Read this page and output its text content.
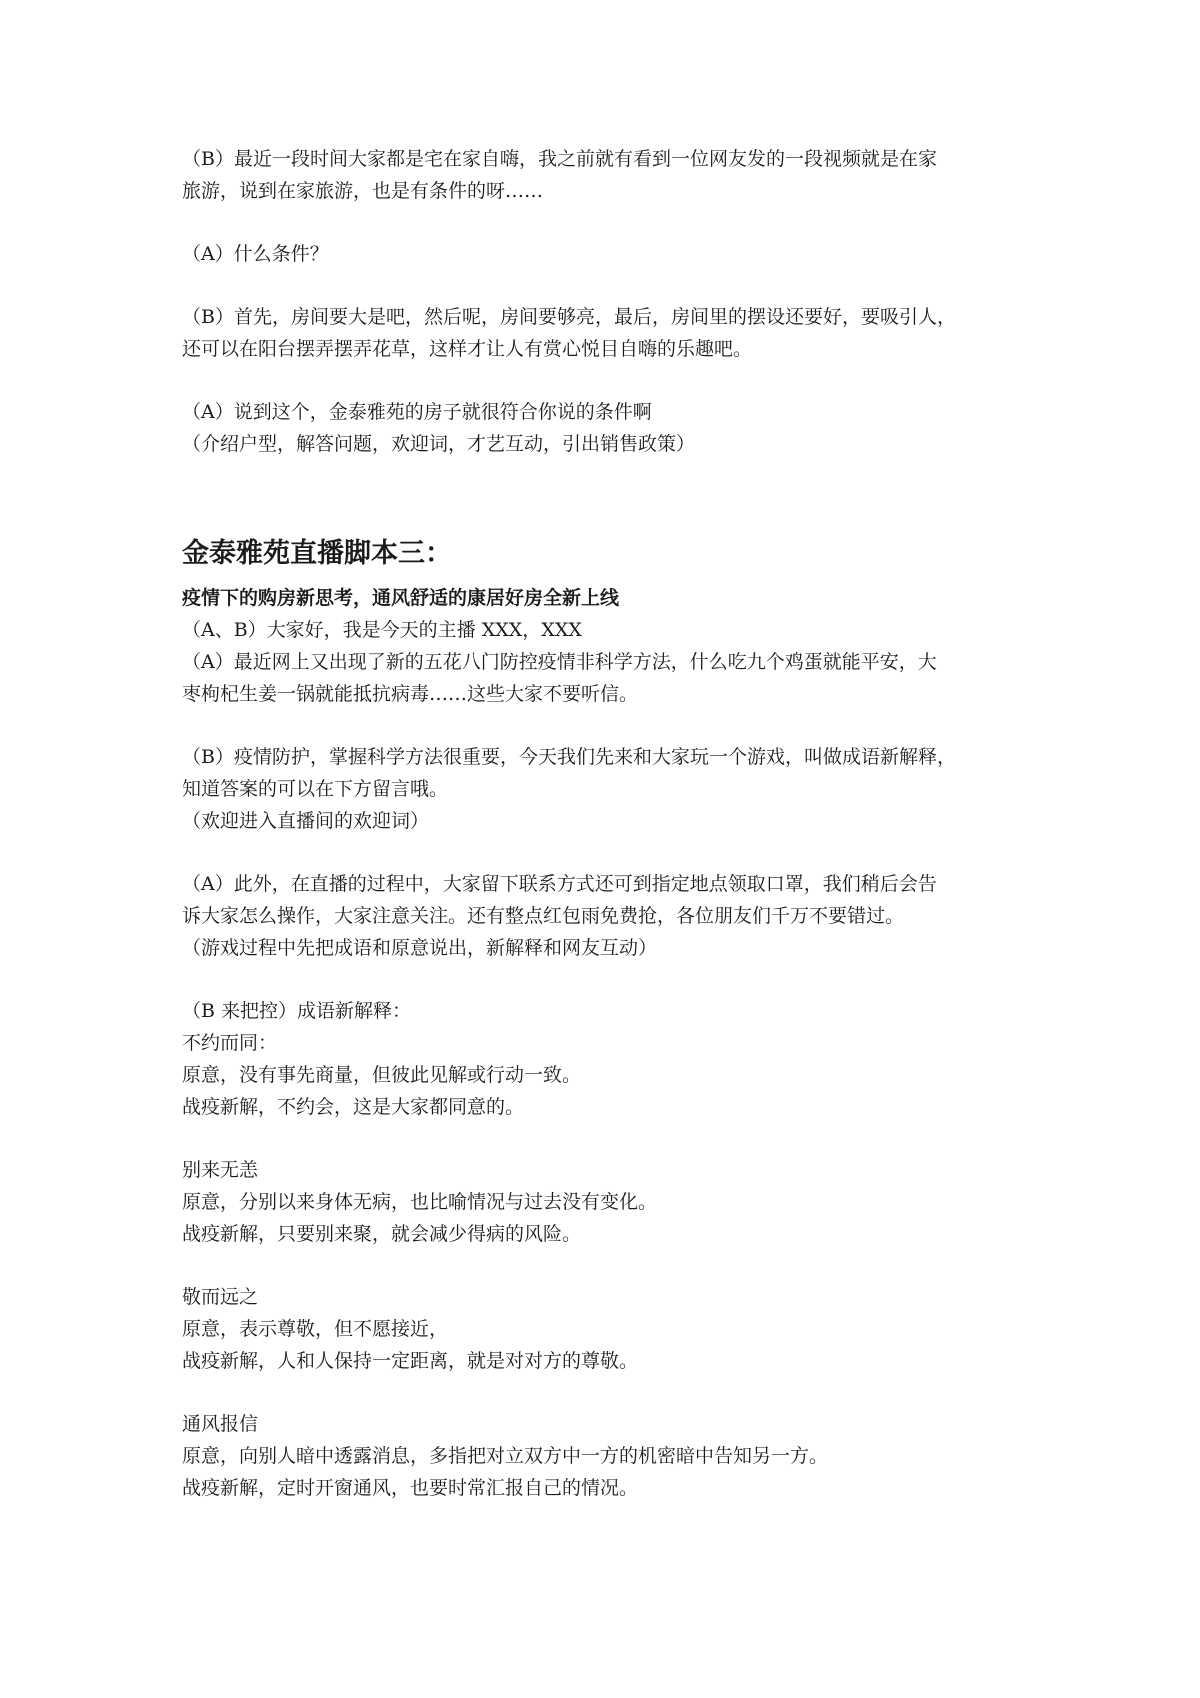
（B）最近一段时间大家都是宅在家自嗨，我之前就有看到一位网友发的一段视频就是在家

旅游，说到在家旅游，也是有条件的呀……

（A）什么条件？

（B）首先，房间要大是吧，然后呢，房间要够亮，最后，房间里的摆设还要好，要吸引人，

还可以在阳台摆弄摆弄花草，这样才让人有赏心悦目自嗨的乐趣吧。

（A）说到这个，金泰雅苑的房子就很符合你说的条件啊

（介绍户型，解答问题，欢迎词，才艺互动，引出销售政策）

金泰雅苑直播脚本三：

疫情下的购房新思考，通风舒适的康居好房全新上线

（A、B）大家好，我是今天的主播 XXX，XXX

（A）最近网上又出现了新的五花八门防控疫情非科学方法，什么吃九个鸡蛋就能平安，大

枣枸杞生姜一锅就能抵抗病毒……这些大家不要听信。

（B）疫情防护，掌握科学方法很重要，今天我们先来和大家玩一个游戏，叫做成语新解释，

知道答案的可以在下方留言哦。

（欢迎进入直播间的欢迎词）

（A）此外，在直播的过程中，大家留下联系方式还可到指定地点领取口罩，我们稍后会告

诉大家怎么操作，大家注意关注。还有整点红包雨免费抢，各位朋友们千万不要错过。

（游戏过程中先把成语和原意说出，新解释和网友互动）

（B 来把控）成语新解释：

不约而同：

原意，没有事先商量，但彼此见解或行动一致。

战疫新解，不约会，这是大家都同意的。

别来无恙

原意，分别以来身体无病，也比喻情况与过去没有变化。

战疫新解，只要别来聚，就会减少得病的风险。

敬而远之

原意，表示尊敬，但不愿接近，

战疫新解，人和人保持一定距离，就是对对方的尊敬。

通风报信

原意，向别人暗中透露消息，多指把对立双方中一方的机密暗中告知另一方。

战疫新解，定时开窗通风，也要时常汇报自己的情况。
